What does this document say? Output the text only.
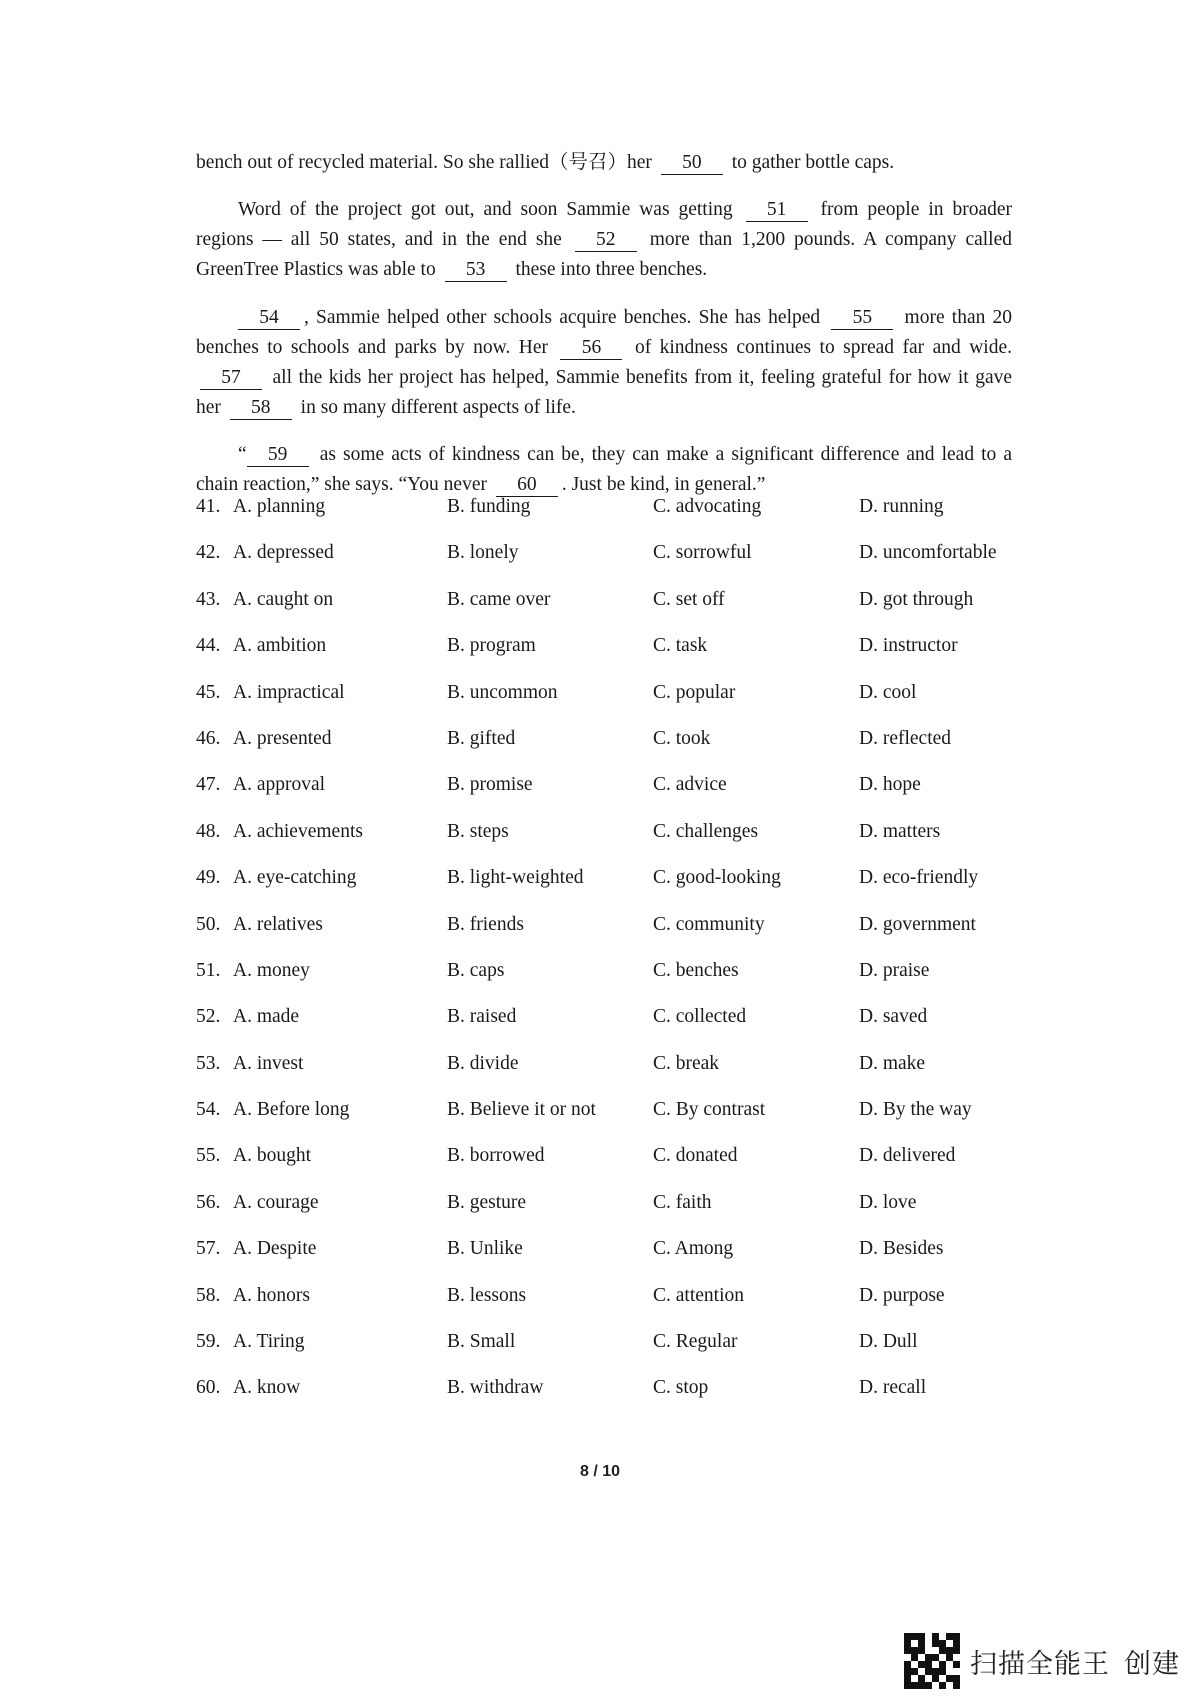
bench out of recycled material. So she rallied（号召）her 50 to gather bottle caps.

Word of the project got out, and soon Sammie was getting 51 from people in broader regions — all 50 states, and in the end she 52 more than 1,200 pounds. A company called GreenTree Plastics was able to 53 these into three benches.

54 , Sammie helped other schools acquire benches. She has helped 55 more than 20 benches to schools and parks by now. Her 56 of kindness continues to spread far and wide. 57 all the kids her project has helped, Sammie benefits from it, feeling grateful for how it gave her 58 in so many different aspects of life.

“ 59 as some acts of kindness can be, they can make a significant difference and lead to a chain reaction,” she says. “You never 60 . Just be kind, in general.”

41. A. planning	B. funding	C. advocating	D. running
42. A. depressed	B. lonely	C. sorrowful	D. uncomfortable
43. A. caught on	B. came over	C. set off	D. got through
44. A. ambition	B. program	C. task	D. instructor
45. A. impractical	B. uncommon	C. popular	D. cool
46. A. presented	B. gifted	C. took	D. reflected
47. A. approval	B. promise	C. advice	D. hope
48. A. achievements	B. steps	C. challenges	D. matters
49. A. eye-catching	B. light-weighted	C. good-looking	D. eco-friendly
50. A. relatives	B. friends	C. community	D. government
51. A. money	B. caps	C. benches	D. praise
52. A. made	B. raised	C. collected	D. saved
53. A. invest	B. divide	C. break	D. make
54. A. Before long	B. Believe it or not	C. By contrast	D. By the way
55. A. bought	B. borrowed	C. donated	D. delivered
56. A. courage	B. gesture	C. faith	D. love
57. A. Despite	B. Unlike	C. Among	D. Besides
58. A. honors	B. lessons	C. attention	D. purpose
59. A. Tiring	B. Small	C. Regular	D. Dull
60. A. know	B. withdraw	C. stop	D. recall
8 / 10
扫描全能王 创建
